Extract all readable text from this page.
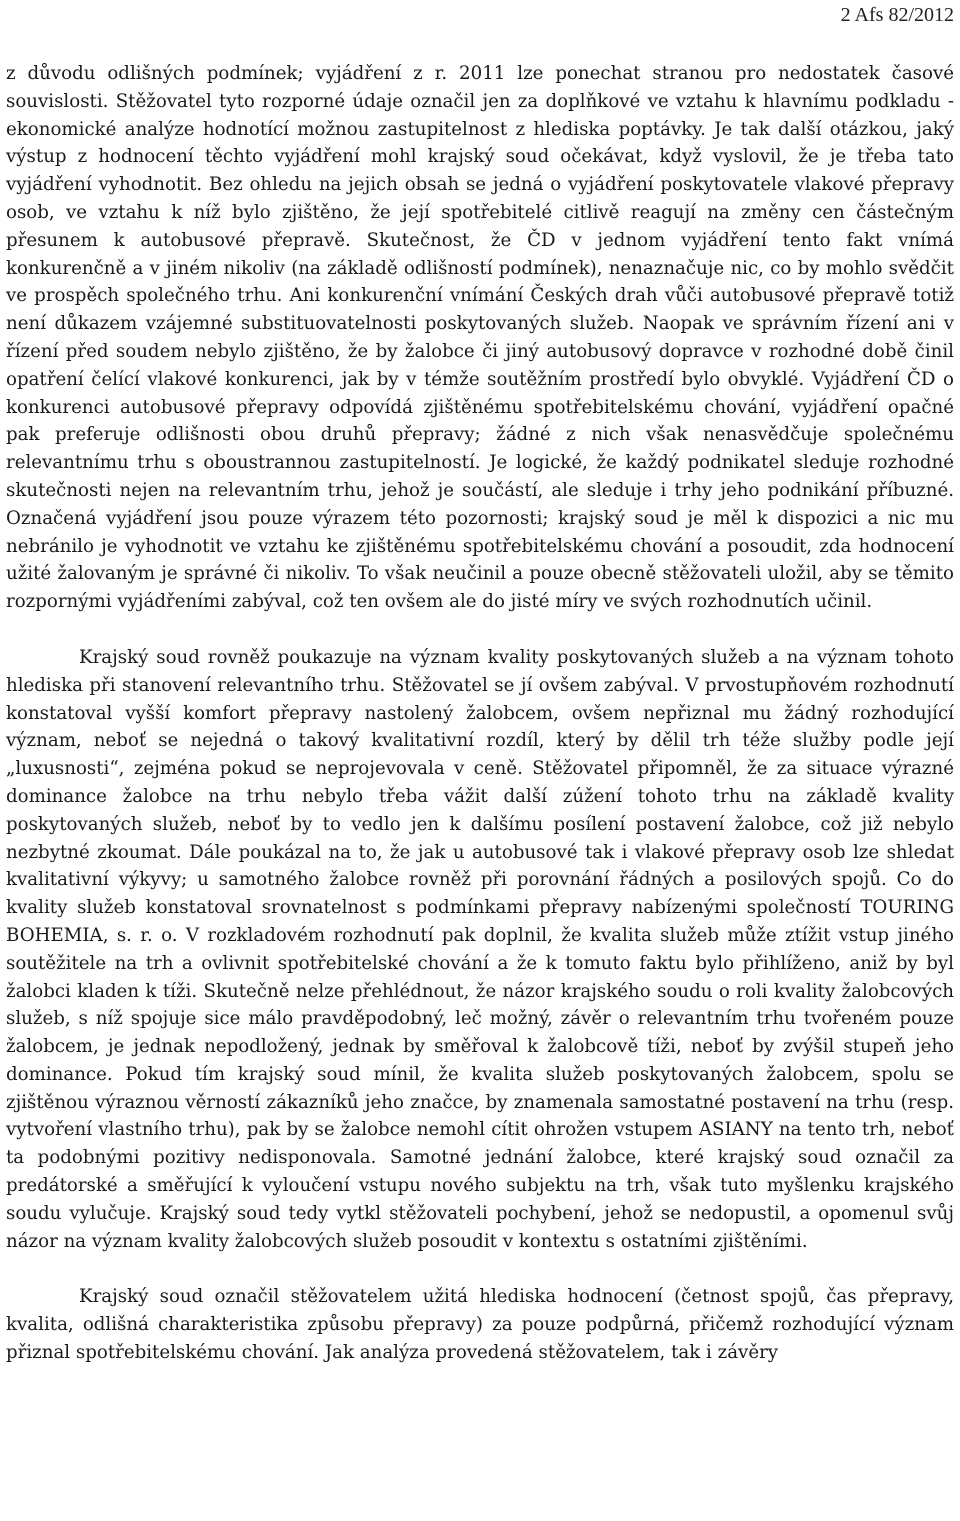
2 Afs 82/2012

z důvodu odlišných podmínek; vyjádření z r. 2011 lze ponechat stranou pro nedostatek časové souvislosti. Stěžovatel tyto rozporné údaje označil jen za doplňkové ve vztahu k hlavnímu podkladu - ekonomické analýze hodnotící možnou zastupitelnost z hlediska poptávky. Je tak další otázkou, jaký výstup z hodnocení těchto vyjádření mohl krajský soud očekávat, když vyslovil, že je třeba tato vyjádření vyhodnotit. Bez ohledu na jejich obsah se jedná o vyjádření poskytovatele vlakové přepravy osob, ve vztahu k níž bylo zjištěno, že její spotřebitelé citlivě reagují na změny cen částečným přesunem k autobusové přepravě. Skutečnost, že ČD v jednom vyjádření tento fakt vnímá konkurenčně a v jiném nikoliv (na základě odlišností podmínek), nenaznačuje nic, co by mohlo svědčit ve prospěch společného trhu. Ani konkurenční vnímání Českých drah vůči autobusové přepravě totiž není důkazem vzájemné substituovatelnosti poskytovaných služeb. Naopak ve správním řízení ani v řízení před soudem nebylo zjištěno, že by žalobce či jiný autobusový dopravce v rozhodné době činil opatření čelící vlakové konkurenci, jak by v témže soutěžním prostředí bylo obvyklé. Vyjádření ČD o konkurenci autobusové přepravy odpovídá zjištěnému spotřebitelskému chování, vyjádření opačné pak preferuje odlišnosti obou druhů přepravy; žádné z nich však nenasvědčuje společnému relevantnímu trhu s oboustrannou zastupitelností. Je logické, že každý podnikatel sleduje rozhodné skutečnosti nejen na relevantním trhu, jehož je součástí, ale sleduje i trhy jeho podnikání příbuzné. Označená vyjádření jsou pouze výrazem této pozornosti; krajský soud je měl k dispozici a nic mu nebránilo je vyhodnotit ve vztahu ke zjištěnému spotřebitelskému chování a posoudit, zda hodnocení užité žalovaným je správné či nikoliv. To však neučinil a pouze obecně stěžovateli uložil, aby se těmito rozpornými vyjádřeními zabýval, což ten ovšem ale do jisté míry ve svých rozhodnutích učinil.

Krajský soud rovněž poukazuje na význam kvality poskytovaných služeb a na význam tohoto hlediska při stanovení relevantního trhu. Stěžovatel se jí ovšem zabýval. V prvostupňovém rozhodnutí konstatoval vyšší komfort přepravy nastolený žalobcem, ovšem nepřiznal mu žádný rozhodující význam, neboť se nejedná o takový kvalitativní rozdíl, který by dělil trh téže služby podle její „luxusnosti“, zejména pokud se neprojevovala v ceně. Stěžovatel připomněl, že za situace výrazné dominance žalobce na trhu nebylo třeba vážit další zúžení tohoto trhu na základě kvality poskytovaných služeb, neboť by to vedlo jen k dalšímu posílení postavení žalobce, což již nebylo nezbytné zkoumat. Dále poukázal na to, že jak u autobusové tak i vlakové přepravy osob lze shledat kvalitativní výkyvy; u samotného žalobce rovněž při porovnání řádných a posilových spojů. Co do kvality služeb konstatoval srovnatelnost s podmínkami přepravy nabízenými společností TOURING BOHEMIA, s. r. o. V rozkladovém rozhodnutí pak doplnil, že kvalita služeb může ztížit vstup jiného soutěžitele na trh a ovlivnit spotřebitelské chování a že k tomuto faktu bylo přihlíženo, aniž by byl žalobci kladen k tíži. Skutečně nelze přehlédnout, že názor krajského soudu o roli kvality žalobcových služeb, s níž spojuje sice málo pravděpodobný, leč možný, závěr o relevantním trhu tvořeném pouze žalobcem, je jednak nepodložený, jednak by směřoval k žalobcově tíži, neboť by zvýšil stupeň jeho dominance. Pokud tím krajský soud mínil, že kvalita služeb poskytovaných žalobcem, spolu se zjištěnou výraznou věrností zákazníků jeho značce, by znamenala samostatné postavení na trhu (resp. vytvoření vlastního trhu), pak by se žalobce nemohl cítit ohrožen vstupem ASIANY na tento trh, neboť ta podobnými pozitivy nedisponovala. Samotné jednání žalobce, které krajský soud označil za predátorské a směřující k vyloučení vstupu nového subjektu na trh, však tuto myšlenku krajského soudu vylučuje. Krajský soud tedy vytkl stěžovateli pochybení, jehož se nedopustil, a opomenul svůj názor na význam kvality žalobcových služeb posoudit v kontextu s ostatními zjištěními.

Krajský soud označil stěžovatelem užitá hlediska hodnocení (četnost spojů, čas přepravy, kvalita, odlišná charakteristika způsobu přepravy) za pouze podpůrná, přičemž rozhodující význam přiznal spotřebitelskému chování. Jak analýza provedená stěžovatelem, tak i závěry
